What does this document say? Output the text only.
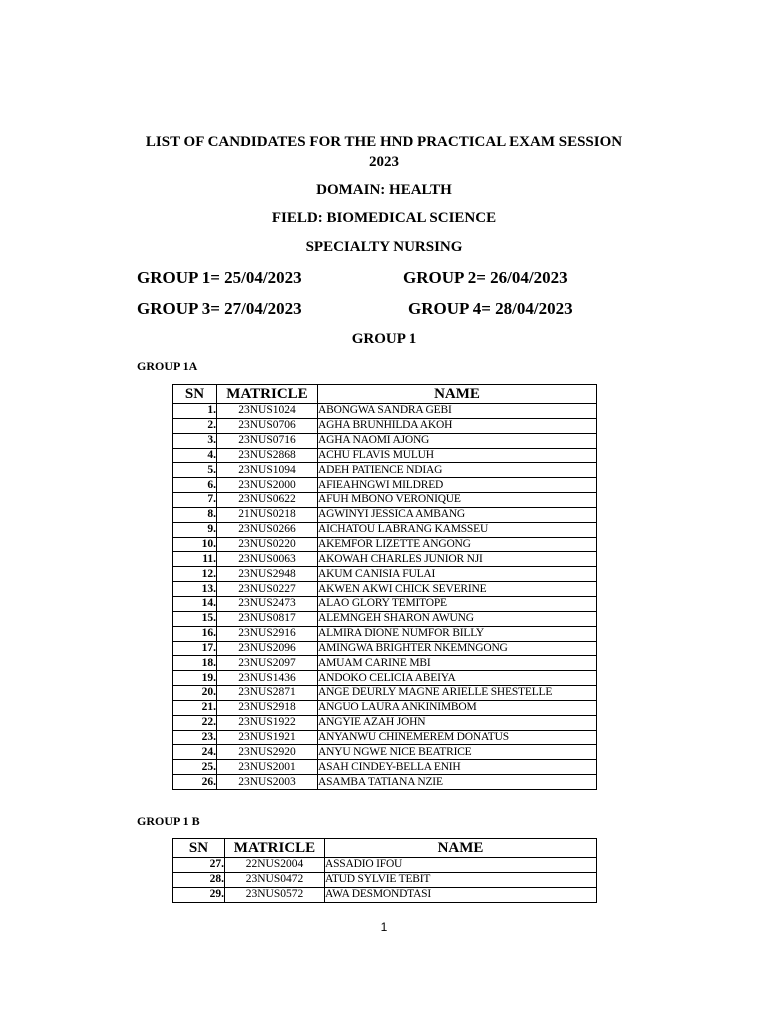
LIST OF CANDIDATES FOR THE HND PRACTICAL EXAM SESSION 2023
DOMAIN: HEALTH
FIELD: BIOMEDICAL SCIENCE
SPECIALTY NURSING
GROUP 1= 25/04/2023	GROUP 2= 26/04/2023
GROUP 3= 27/04/2023	GROUP 4= 28/04/2023
GROUP 1
GROUP 1A
SN	MATRICLE	NAME
1.	23NUS1024	ABONGWA SANDRA GEBI
2.	23NUS0706	AGHA BRUNHILDA AKOH
3.	23NUS0716	AGHA NAOMI AJONG
4.	23NUS2868	ACHU FLAVIS MULUH
5.	23NUS1094	ADEH PATIENCE NDIAG
6.	23NUS2000	AFIEAHNGWI MILDRED
7.	23NUS0622	AFUH MBONO VERONIQUE
8.	21NUS0218	AGWINYI JESSICA AMBANG
9.	23NUS0266	AICHATOU LABRANG KAMSSEU
10.	23NUS0220	AKEMFOR LIZETTE ANGONG
11.	23NUS0063	AKOWAH CHARLES JUNIOR NJI
12.	23NUS2948	AKUM CANISIA FULAI
13.	23NUS0227	AKWEN AKWI CHICK SEVERINE
14.	23NUS2473	ALAO GLORY TEMITOPE
15.	23NUS0817	ALEMNGEH SHARON AWUNG
16.	23NUS2916	ALMIRA DIONE NUMFOR BILLY
17.	23NUS2096	AMINGWA BRIGHTER NKEMNGONG
18.	23NUS2097	AMUAM CARINE MBI
19.	23NUS1436	ANDOKO CELICIA ABEIYA
20.	23NUS2871	ANGE DEURLY MAGNE ARIELLE SHESTELLE
21.	23NUS2918	ANGUO LAURA ANKINIMBOM
22.	23NUS1922	ANGYIE AZAH JOHN
23.	23NUS1921	ANYANWU CHINEMEREM DONATUS
24.	23NUS2920	ANYU NGWE NICE BEATRICE
25.	23NUS2001	ASAH CINDEY-BELLA ENIH
26.	23NUS2003	ASAMBA TATIANA NZIE
GROUP 1 B
SN	MATRICLE	NAME
27.	22NUS2004	ASSADIO IFOU
28.	23NUS0472	ATUD SYLVIE TEBIT
29.	23NUS0572	AWA DESMONDTASI
1
